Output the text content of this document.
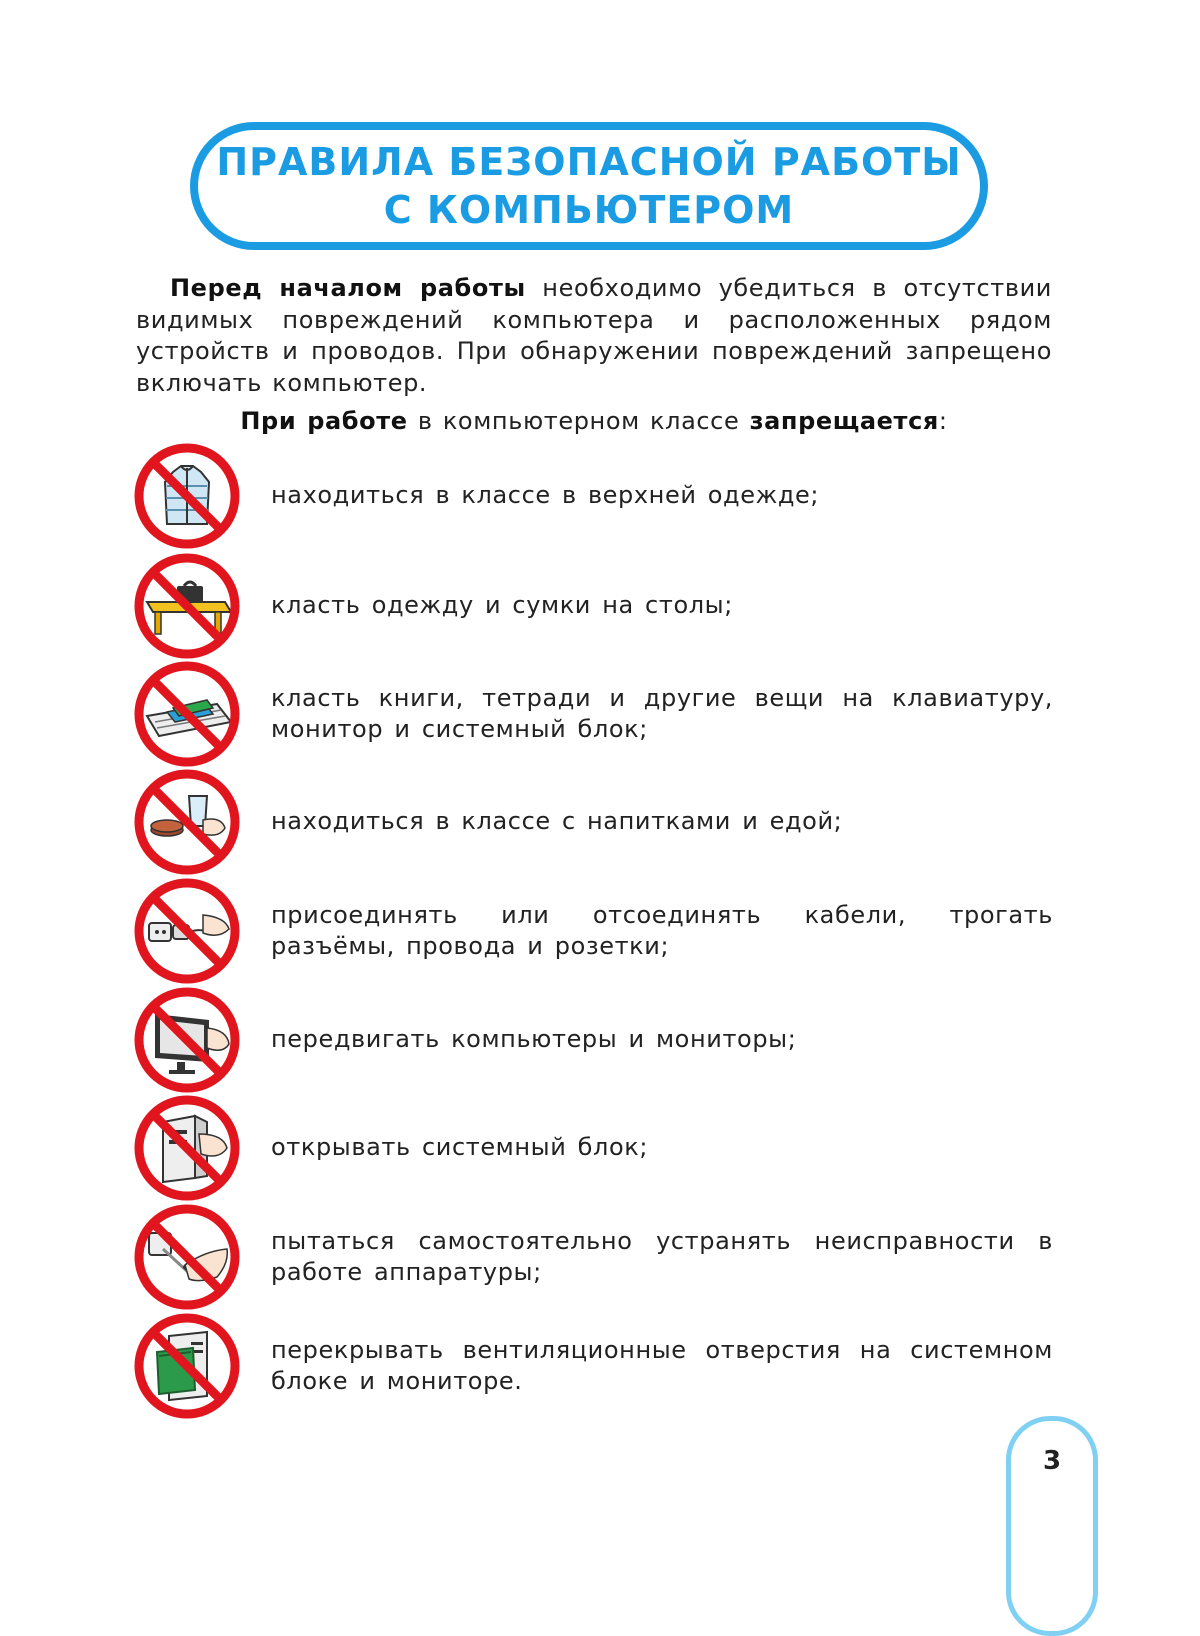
ПРАВИЛА БЕЗОПАСНОЙ РАБОТЫ
С КОМПЬЮТЕРОМ

Перед началом работы необходимо убедиться в отсутствии видимых повреждений компьютера и расположенных рядом устройств и проводов. При обнаружении повреждений запрещено включать компьютер.

При работе в компьютерном классе запрещается:

находиться в классе в верхней одежде;
класть одежду и сумки на столы;
класть книги, тетради и другие вещи на клавиатуру, монитор и системный блок;
находиться в классе с напитками и едой;
присоединять или отсоединять кабели, трогать разъёмы, провода и розетки;
передвигать компьютеры и мониторы;
открывать системный блок;
пытаться самостоятельно устранять неисправности в работе аппаратуры;
перекрывать вентиляционные отверстия на системном блоке и мониторе.
3
